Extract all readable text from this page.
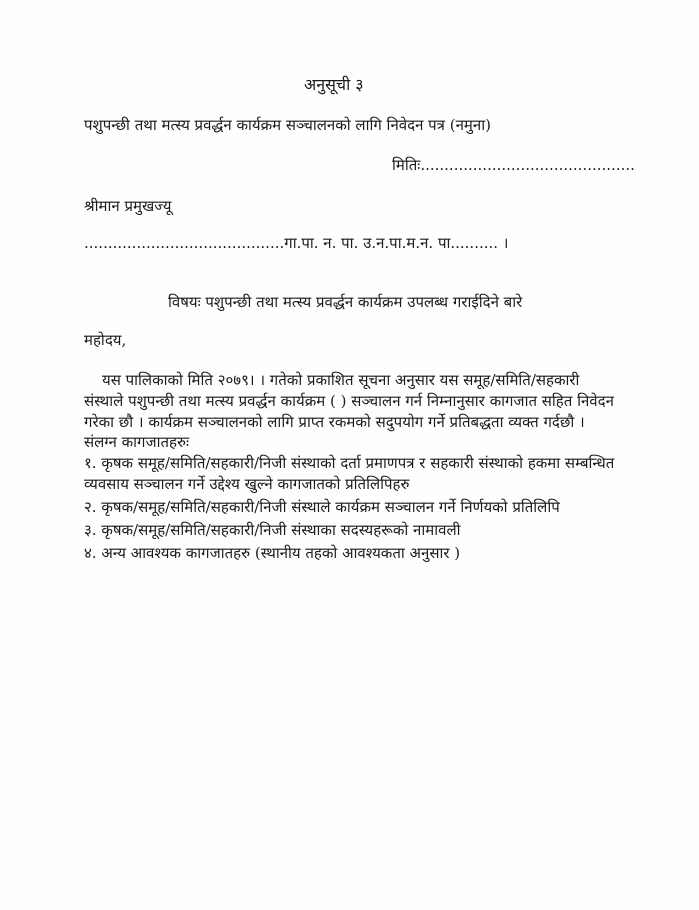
अनुसूची ३
पशुपन्छी तथा मत्स्य प्रवर्द्धन कार्यक्रम सञ्चालनको लागि निवेदन पत्र (नमुना)
मितिः.............................................
श्रीमान प्रमुखज्यू
..........................................गा.पा. न. पा. उ.न.पा.म.न. पा.......... ।
विषयः पशुपन्छी तथा मत्स्य प्रवर्द्धन कार्यक्रम उपलब्ध गराईदिने बारे
महोदय,
यस पालिकाको मिति २०७९। । गतेको प्रकाशित सूचना अनुसार यस समूह/समिति/सहकारी
संस्थाले पशुपन्छी तथा मत्स्य प्रवर्द्धन कार्यक्रम ( ) सञ्चालन गर्न निम्नानुसार कागजात सहित निवेदन
गरेका छौ । कार्यक्रम सञ्चालनको लागि प्राप्त रकमको सदुपयोग गर्ने प्रतिबद्धता व्यक्त गर्दछौ ।
संलग्न कागजातहरुः
१. कृषक समूह/समिति/सहकारी/निजी संस्थाको दर्ता प्रमाणपत्र र सहकारी संस्थाको हकमा सम्बन्धित
व्यवसाय सञ्चालन गर्ने उद्देश्य खुल्ने कागजातको प्रतिलिपिहरु
२. कृषक/समूह/समिति/सहकारी/निजी संस्थाले कार्यक्रम सञ्चालन गर्ने निर्णयको प्रतिलिपि
३. कृषक/समूह/समिति/सहकारी/निजी संस्थाका सदस्यहरूको नामावली
४. अन्य आवश्यक कागजातहरु (स्थानीय तहको आवश्यकता अनुसार )
